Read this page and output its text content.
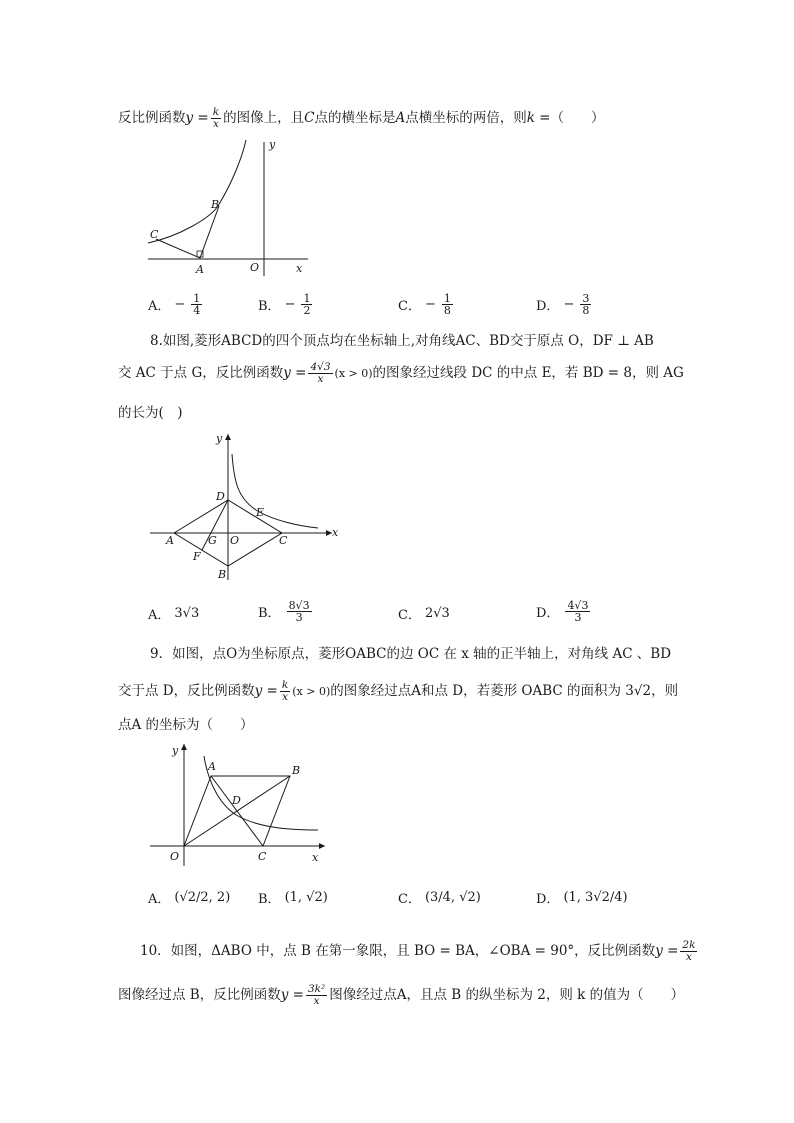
反比例函数$y = \frac{k}{x}$ 的图像上，且C点的横坐标是A点横坐标的两倍，则k =（　　）
y
x
B
C
A	O
A． − $\frac{1}{4}$	B． − $\frac{1}{2}$	C． − $\frac{1}{8}$	D． − $\frac{3}{8}$
8.如图,菱形ABCD的四个顶点均在坐标轴上,对角线AC、BD交于原点 O，DF ⊥ AB
交 AC 于点 G，反比例函数$y = \frac{4√3}{x} (x > 0)$的图象经过线段 DC 的中点 E，若 BD = 8，则 AG
的长为(　)
x
y
D
E
A	G O	C
F
B
A． 3√3	B． $\frac{8√3}{3}$	C． 2√3	D． $\frac{4√3}{3}$
9．如图，点O为坐标原点，菱形OABC的边 OC 在 x 轴的正半轴上，对角线 AC 、BD
交于点 D，反比例函数$y = \frac{k}{x} (x > 0)$的图象经过点A和点 D，若菱形 OABC 的面积为 3√2，则
点A 的坐标为（　　）
y
x
A	B
D
O	C
A． (√2/2, 2) B． (1, √2)	C． (3/4, √2)	D． (1, 3√2/4)
10．如图，ΔABO 中，点 B 在第一象限，且 BO = BA，∠OBA = 90°，反比例函数$y = \frac{2k}{x}$
图像经过点 B，反比例函数$y = \frac{\text{3k²}}{x}$ 图像经过点A，且点 B 的纵坐标为 2，则 k 的值为（　　）
